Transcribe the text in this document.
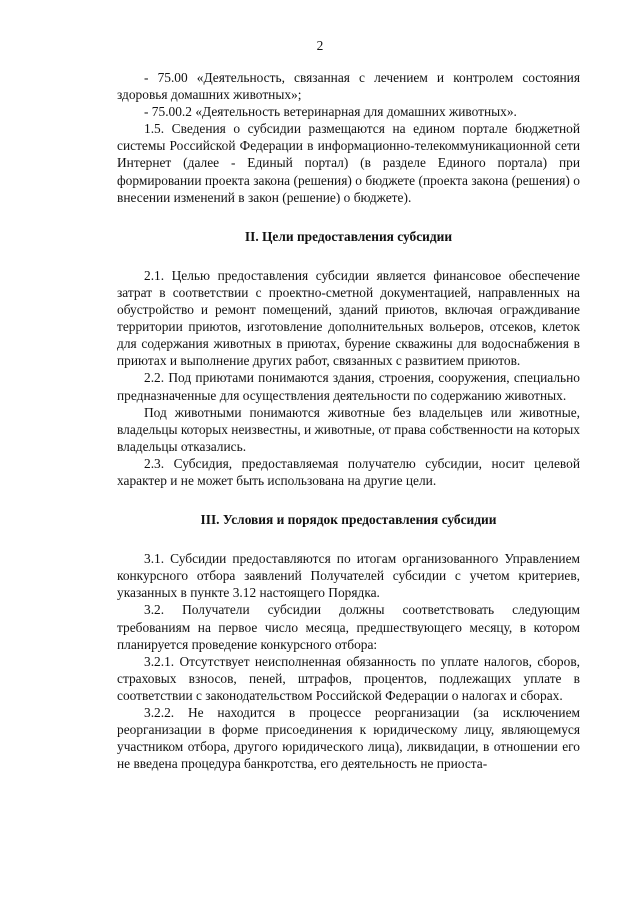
2

- 75.00 «Деятельность, связанная с лечением и контролем состояния здоровья домашних животных»;

- 75.00.2 «Деятельность ветеринарная для домашних животных».

1.5. Сведения о субсидии размещаются на едином портале бюджетной системы Российской Федерации в информационно-телекоммуникационной сети Интернет (далее - Единый портал) (в разделе Единого портала) при формировании проекта закона (решения) о бюджете (проекта закона (решения) о внесении изменений в закон (решение) о бюджете).

II. Цели предоставления субсидии

2.1. Целью предоставления субсидии является финансовое обеспечение затрат в соответствии с проектно-сметной документацией, направленных на обустройство и ремонт помещений, зданий приютов, включая ограждивание территории приютов, изготовление дополнительных вольеров, отсеков, клеток для содержания животных в приютах, бурение скважины для водоснабжения в приютах и выполнение других работ, связанных с развитием приютов.

2.2. Под приютами понимаются здания, строения, сооружения, специально предназначенные для осуществления деятельности по содержанию животных.

Под животными понимаются животные без владельцев или животные, владельцы которых неизвестны, и животные, от права собственности на которых владельцы отказались.

2.3. Субсидия, предоставляемая получателю субсидии, носит целевой характер и не может быть использована на другие цели.

III. Условия и порядок предоставления субсидии

3.1. Субсидии предоставляются по итогам организованного Управлением конкурсного отбора заявлений Получателей субсидии с учетом критериев, указанных в пункте 3.12 настоящего Порядка.

3.2. Получатели субсидии должны соответствовать следующим требованиям на первое число месяца, предшествующего месяцу, в котором планируется проведение конкурсного отбора:

3.2.1. Отсутствует неисполненная обязанность по уплате налогов, сборов, страховых взносов, пеней, штрафов, процентов, подлежащих уплате в соответствии с законодательством Российской Федерации о налогах и сборах.

3.2.2. Не находится в процессе реорганизации (за исключением реорганизации в форме присоединения к юридическому лицу, являющемуся участником отбора, другого юридического лица), ликвидации, в отношении его не введена процедура банкротства, его деятельность не приоста-
